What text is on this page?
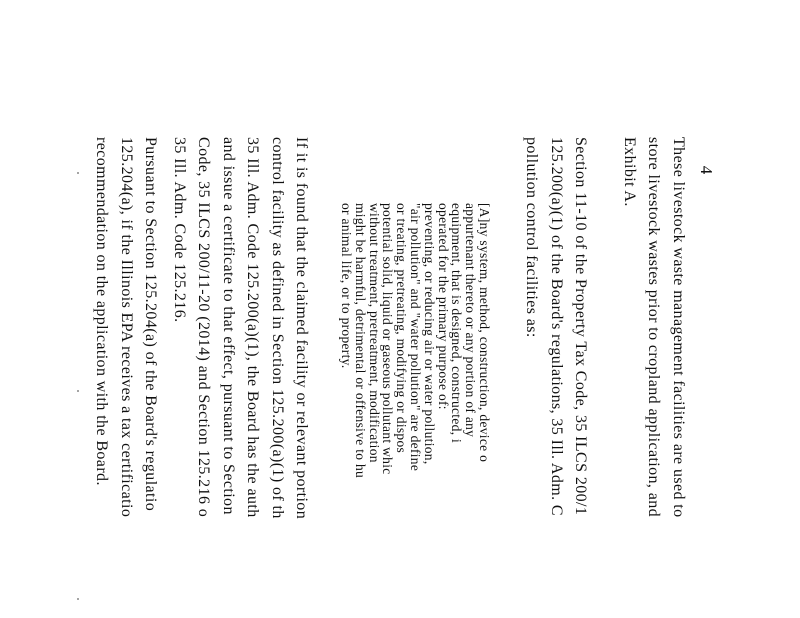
4
These livestock waste management facilities are used to
store livestock wastes prior to cropland application, and
Exhibit A.
Section 11-10 of the Property Tax Code, 35 ILCS 200/1
125.200(a)(1) of the Board's regulations, 35 Ill. Adm. C
pollution control facilities as:
[A]ny system, method, construction, device o
appurtenant thereto or any portion of any
equipment, that is designed, constructed, i
operated for the primary purpose of:
preventing, or reducing air or water pollution,
"air pollution" and "water pollution" are define
or treating, pretreating, modifying or dispos
potential solid, liquid or gaseous pollutant whic
without treatment, pretreatment, modification
might be harmful, detrimental or offensive to hu
or animal life, or to property.
If it is found that the claimed facility or relevant portion
control facility as defined in Section 125.200(a)(1) of th
35 Ill. Adm. Code 125.200(a)(1), the Board has the auth
and issue a certificate to that effect, pursuant to Section
Code, 35 ILCS 200/11-20 (2014) and Section 125.216 o
35 Ill. Adm. Code 125.216.
Pursuant to Section 125.204(a) of the Board's regulatio
125.204(a), if the Illinois EPA receives a tax certificatio
recommendation on the application with the Board.
